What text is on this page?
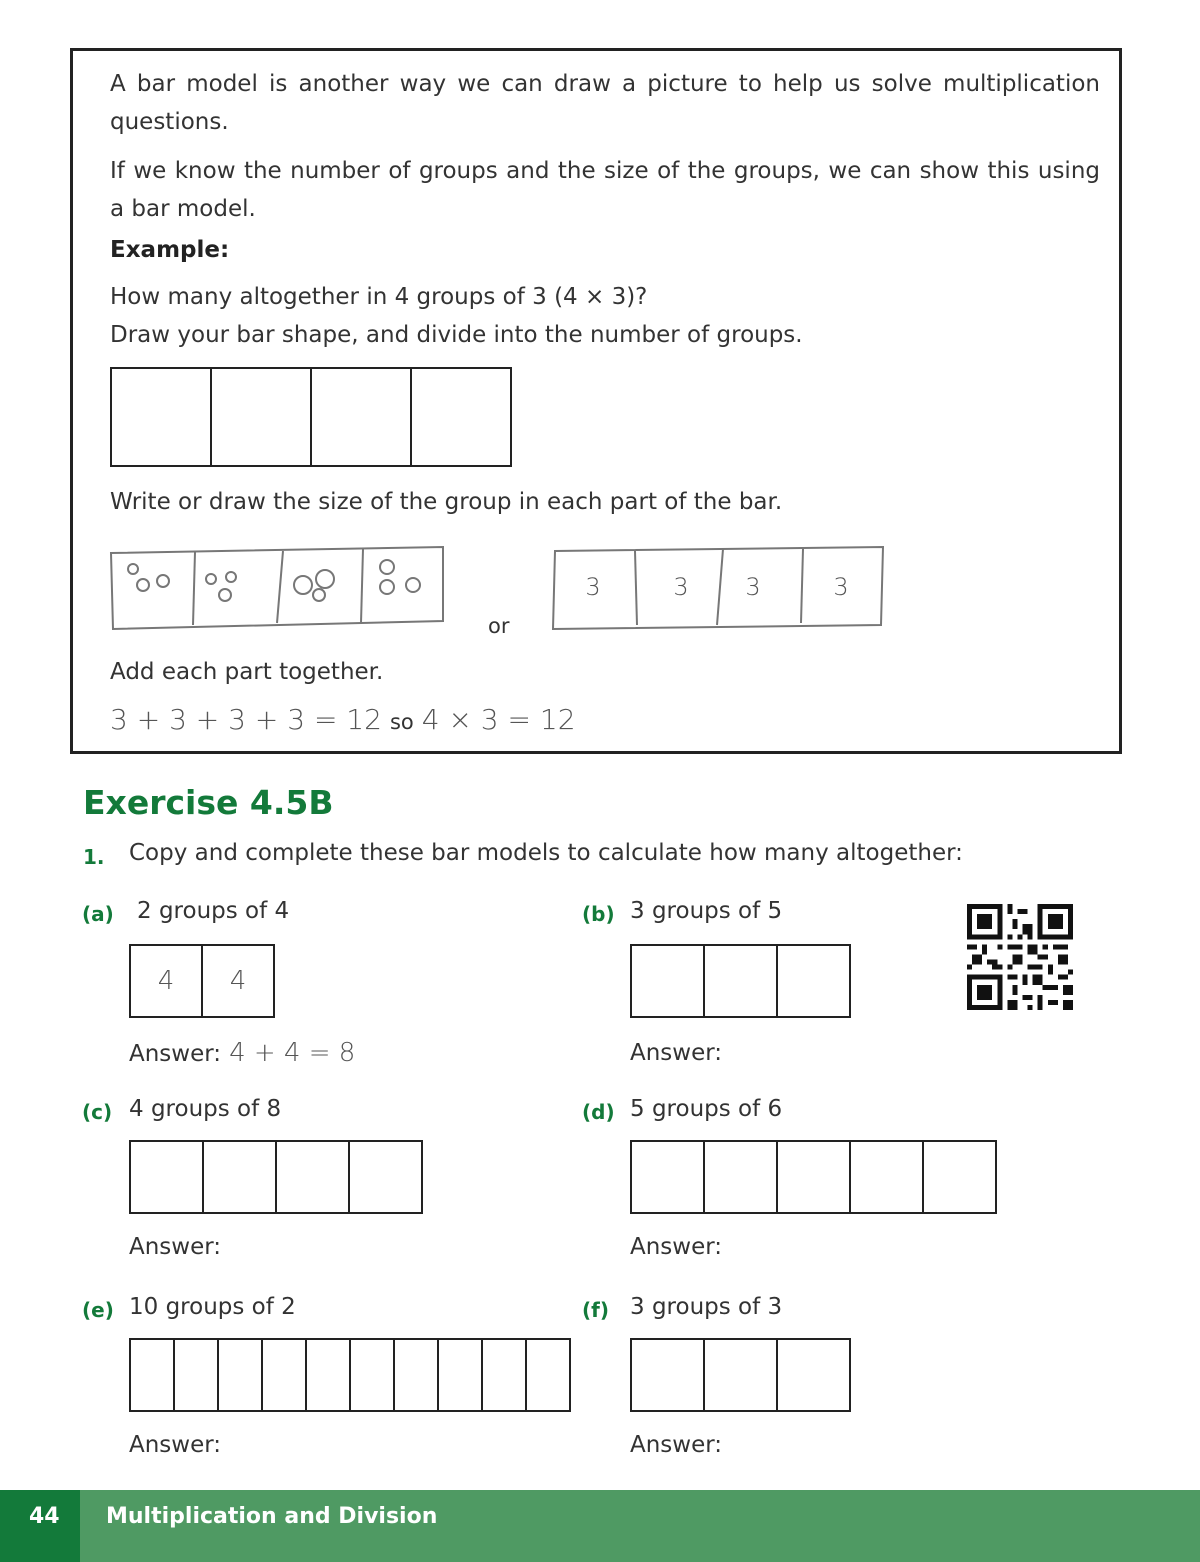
A bar model is another way we can draw a picture to help us solve multiplication questions.
If we know the number of groups and the size of the groups, we can show this using a bar model.
Example:
How many altogether in 4 groups of 3 (4 × 3)?
Draw your bar shape, and divide into the number of groups.
Write or draw the size of the group in each part of the bar.
or
3	3 3	3
Add each part together.
3 + 3 + 3 + 3 = 12 so 4 × 3 = 12
Exercise 4.5B
1. Copy and complete these bar models to calculate how many altogether:
(a) 2 groups of 4
4	4
Answer: 4 + 4 = 8
(b) 3 groups of 5
Answer:
(c) 4 groups of 8
Answer:
(d) 5 groups of 6
Answer:
(e) 10 groups of 2
Answer:
(f) 3 groups of 3
Answer:
44 Multiplication and Division
